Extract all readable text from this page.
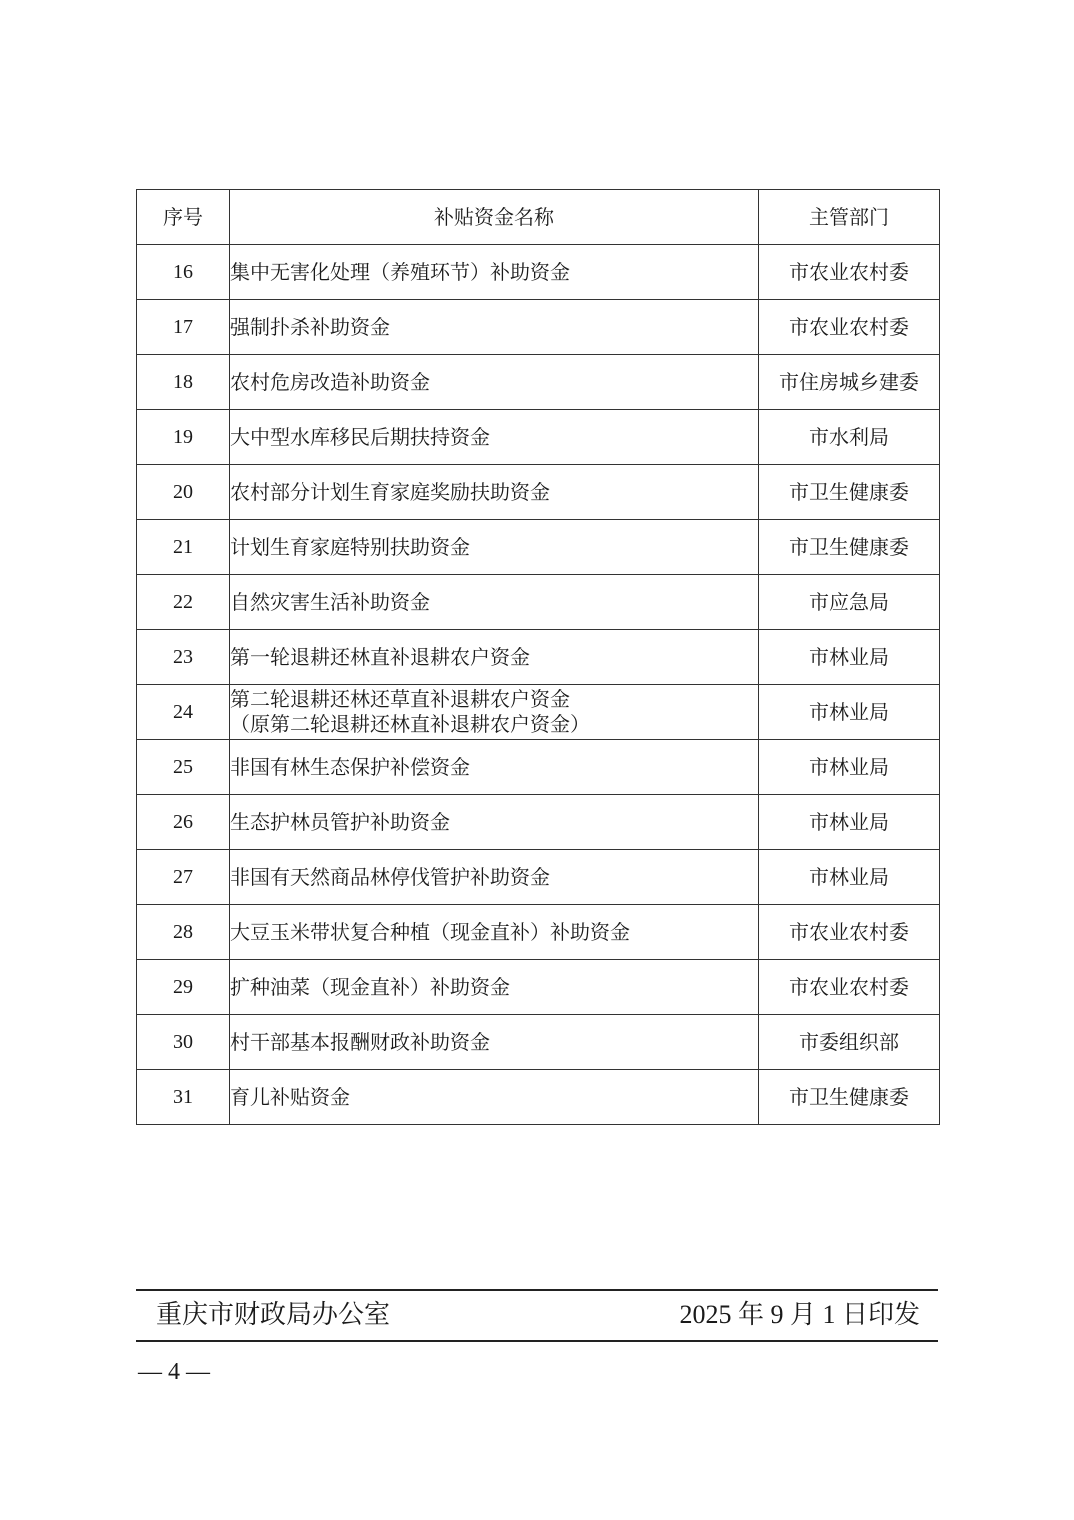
序号	补贴资金名称	主管部门
16	集中无害化处理（养殖环节）补助资金	市农业农村委
17	强制扑杀补助资金	市农业农村委
18	农村危房改造补助资金	市住房城乡建委
19	大中型水库移民后期扶持资金	市水利局
20	农村部分计划生育家庭奖励扶助资金	市卫生健康委
21	计划生育家庭特别扶助资金	市卫生健康委
22	自然灾害生活补助资金	市应急局
23	第一轮退耕还林直补退耕农户资金	市林业局
24	第二轮退耕还林还草直补退耕农户资金
（原第二轮退耕还林直补退耕农户资金）	市林业局
25	非国有林生态保护补偿资金	市林业局
26	生态护林员管护补助资金	市林业局
27	非国有天然商品林停伐管护补助资金	市林业局
28	大豆玉米带状复合种植（现金直补）补助资金	市农业农村委
29	扩种油菜（现金直补）补助资金	市农业农村委
30	村干部基本报酬财政补助资金	市委组织部
31	育儿补贴资金	市卫生健康委
重庆市财政局办公室	2025 年 9 月 1 日印发
— 4 —
